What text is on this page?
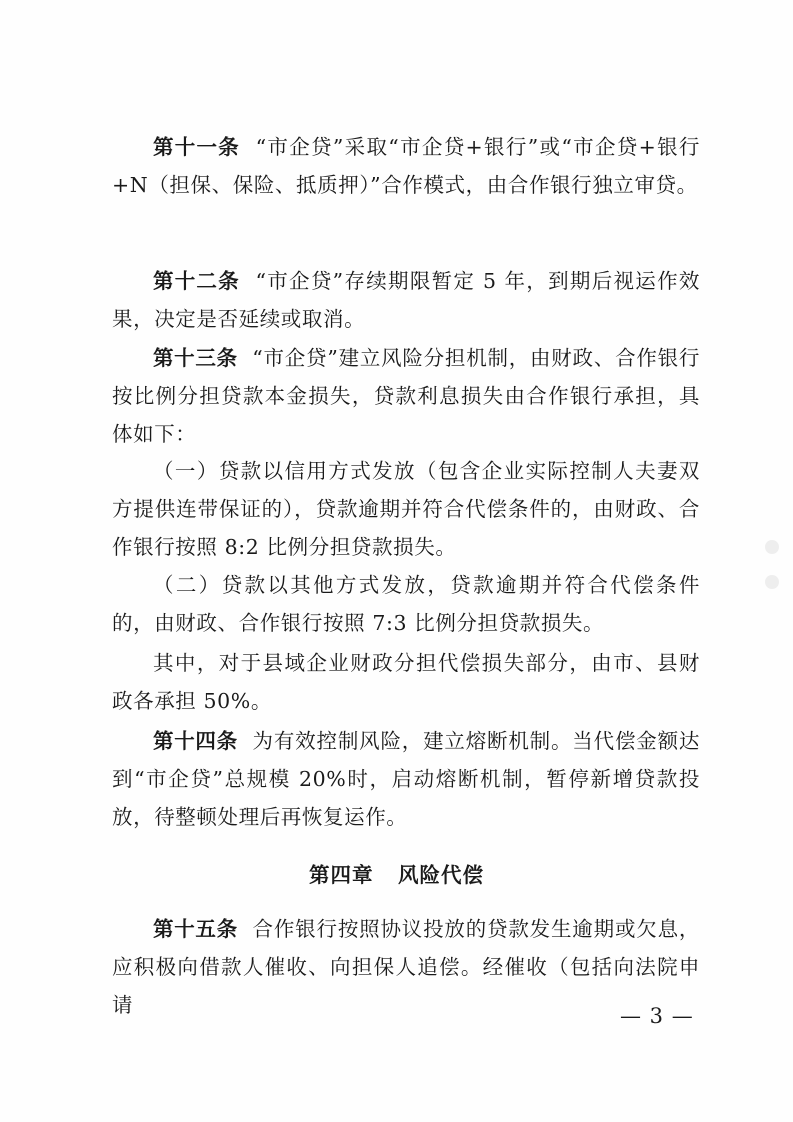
第十一条 “市企贷”采取“市企贷+银行”或“市企贷+银行+N（担保、保险、抵质押）”合作模式，由合作银行独立审贷。

第十二条 “市企贷”存续期限暂定 5 年，到期后视运作效果，决定是否延续或取消。

第十三条 “市企贷”建立风险分担机制，由财政、合作银行按比例分担贷款本金损失，贷款利息损失由合作银行承担，具体如下：

（一）贷款以信用方式发放（包含企业实际控制人夫妻双方提供连带保证的），贷款逾期并符合代偿条件的，由财政、合作银行按照 8:2 比例分担贷款损失。

（二）贷款以其他方式发放，贷款逾期并符合代偿条件的，由财政、合作银行按照 7:3 比例分担贷款损失。

其中，对于县域企业财政分担代偿损失部分，由市、县财政各承担 50%。

第十四条 为有效控制风险，建立熔断机制。当代偿金额达到“市企贷”总规模 20%时，启动熔断机制，暂停新增贷款投放，待整顿处理后再恢复运作。

第四章 风险代偿

第十五条 合作银行按照协议投放的贷款发生逾期或欠息，应积极向借款人催收、向担保人追偿。经催收（包括向法院申请	— 3 —
